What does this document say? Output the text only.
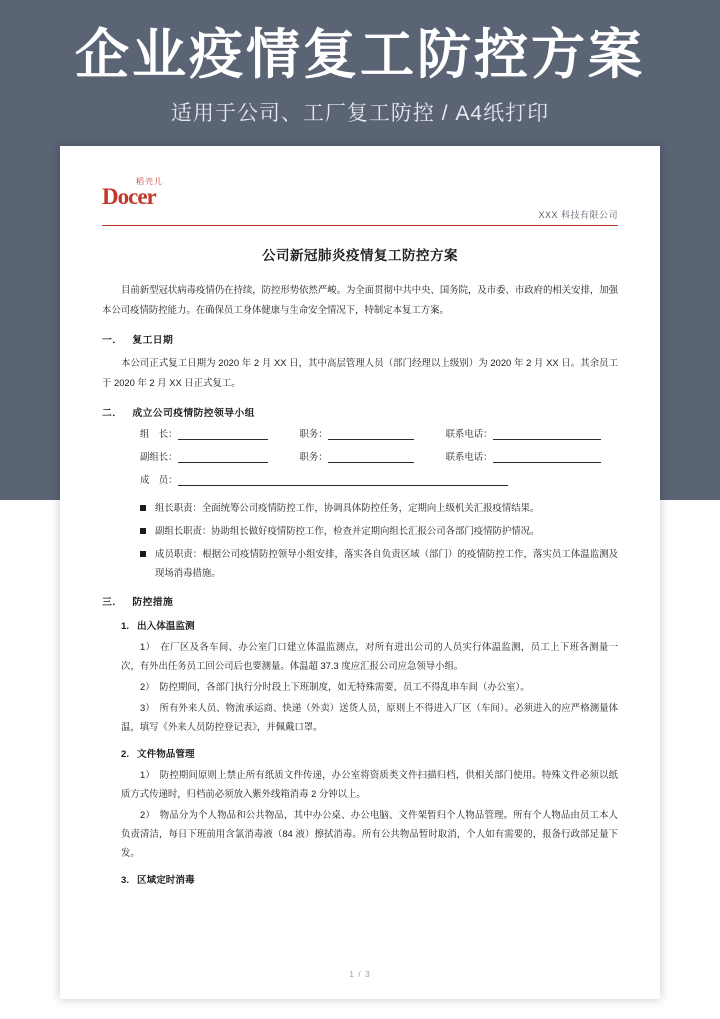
企业疫情复工防控方案
适用于公司、工厂复工防控 / A4纸打印
稻壳儿
Docer
XXX 科技有限公司
公司新冠肺炎疫情复工防控方案

目前新型冠状病毒疫情仍在持续，防控形势依然严峻。为全面贯彻中共中央、国务院，及市委、市政府的相关安排，加强本公司疫情防控能力。在确保员工身体健康与生命安全情况下，特制定本复工方案。

一． 复工日期

本公司正式复工日期为 2020 年 2 月 XX 日，其中高层管理人员（部门经理以上级别）为 2020 年 2 月 XX 日。其余员工于 2020 年 2 月 XX 日正式复工。

二． 成立公司疫情防控领导小组
组　长：	职务：	联系电话：
副组长：	职务：	联系电话：
成　员：
组长职责：全面统筹公司疫情防控工作，协调具体防控任务，定期向上级机关汇报疫情结果。
副组长职责：协助组长做好疫情防控工作，检查并定期向组长汇报公司各部门疫情防护情况。
成员职责：根据公司疫情防控领导小组安排，落实各自负责区域（部门）的疫情防控工作，落实员工体温监测及现场消毒措施。
三． 防控措施
1. 出入体温监测

1）　在厂区及各车间、办公室门口建立体温监测点，对所有进出公司的人员实行体温监测，员工上下班各测量一次，有外出任务员工回公司后也要测量。体温超 37.3 度应汇报公司应急领导小组。

2）　防控期间，各部门执行分时段上下班制度，如无特殊需要，员工不得乱串车间（办公室）。

3）　所有外来人员、物流承运商、快递（外卖）送货人员，原则上不得进入厂区（车间）。必须进入的应严格测量体温，填写《外来人员防控登记表》，并佩戴口罩。

2. 文件物品管理

1）　防控期间原则上禁止所有纸质文件传递，办公室将资质类文件扫描归档，供相关部门使用。特殊文件必须以纸质方式传递时，归档前必须放入紫外线箱消毒 2 分钟以上。

2）　物品分为个人物品和公共物品，其中办公桌、办公电脑、文件架暂归个人物品管理。所有个人物品由员工本人负责清洁，每日下班前用含氯消毒液（84 液）擦拭消毒。所有公共物品暂时取消，个人如有需要的，报备行政部足量下发。

3. 区域定时消毒
1 / 3
